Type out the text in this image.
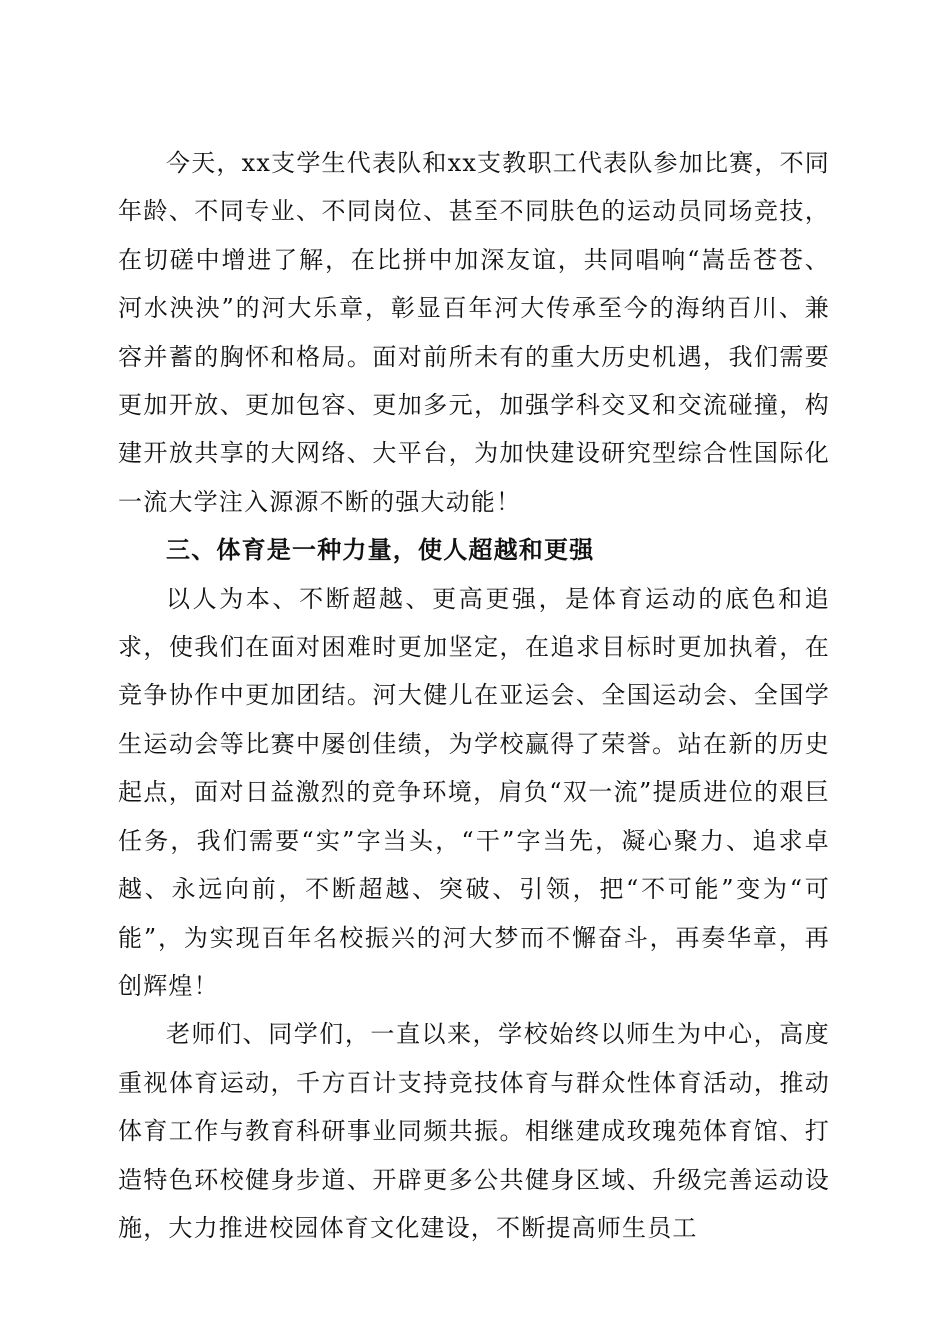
今天，xx支学生代表队和xx支教职工代表队参加比赛，不同年龄、不同专业、不同岗位、甚至不同肤色的运动员同场竞技，在切磋中增进了解，在比拼中加深友谊，共同唱响“嵩岳苍苍、河水泱泱”的河大乐章，彰显百年河大传承至今的海纳百川、兼容并蓄的胸怀和格局。面对前所未有的重大历史机遇，我们需要更加开放、更加包容、更加多元，加强学科交叉和交流碰撞，构建开放共享的大网络、大平台，为加快建设研究型综合性国际化一流大学注入源源不断的强大动能！

三、体育是一种力量，使人超越和更强

以人为本、不断超越、更高更强，是体育运动的底色和追求，使我们在面对困难时更加坚定，在追求目标时更加执着，在竞争协作中更加团结。河大健儿在亚运会、全国运动会、全国学生运动会等比赛中屡创佳绩，为学校赢得了荣誉。站在新的历史起点，面对日益激烈的竞争环境，肩负“双一流”提质进位的艰巨任务，我们需要“实”字当头，“干”字当先，凝心聚力、追求卓越、永远向前，不断超越、突破、引领，把“不可能”变为“可能”，为实现百年名校振兴的河大梦而不懈奋斗，再奏华章，再创辉煌！

老师们、同学们，一直以来，学校始终以师生为中心，高度重视体育运动，千方百计支持竞技体育与群众性体育活动，推动体育工作与教育科研事业同频共振。相继建成玫瑰苑体育馆、打造特色环校健身步道、开辟更多公共健身区域、升级完善运动设施，大力推进校园体育文化建设，不断提高师生员工
